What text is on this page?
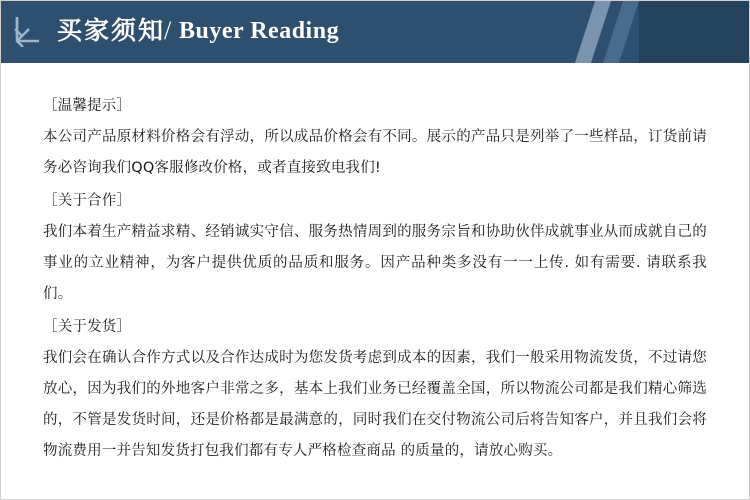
买家须知
/ Buyer Reading

［温馨提示］

本公司产品原材料价格会有浮动，所以成品价格会有不同。展示的产品只是列举了一些样品，订货前请务必咨询我们QQ客服修改价格，或者直接致电我们!

［关于合作］

我们本着生产精益求精、经销诚实守信、服务热情周到的服务宗旨和协助伙伴成就事业从而成就自己的事业的立业精神，为客户提供优质的品质和服务。因产品种类多没有一一上传. 如有需要. 请联系我们。

［关于发货］

我们会在确认合作方式以及合作达成时为您发货考虑到成本的因素，我们一般采用物流发货，不过请您放心，因为我们的外地客户非常之多，基本上我们业务已经覆盖全国，所以物流公司都是我们精心筛选的，不管是发货时间，还是价格都是最满意的，同时我们在交付物流公司后将告知客户，并且我们会将物流费用一并告知发货打包我们都有专人严格检查商品 的质量的，请放心购买。
